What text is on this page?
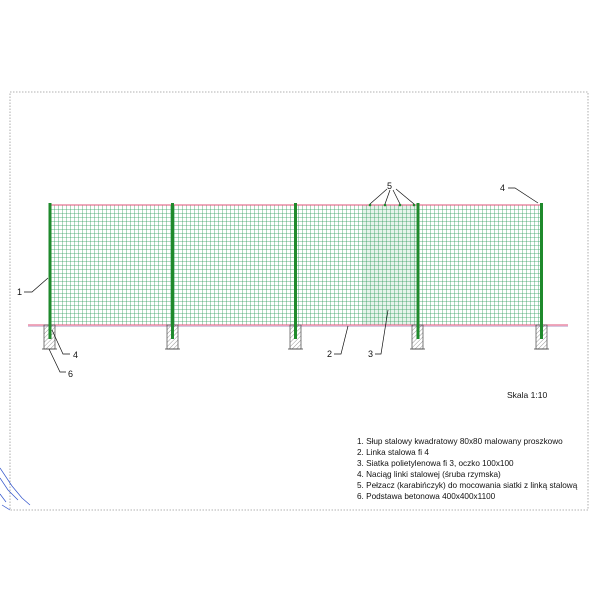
1
2	3
4
4
5
6
Skala 1:10
1. Słup stalowy kwadratowy 80x80 malowany proszkowo
2. Linka stalowa fi 4
3. Siatka polietylenowa fi 3, oczko 100x100
4. Naciąg linki stalowej (śruba rzymska)
5. Pełzacz (karabińczyk) do mocowania siatki z linką stalową
6. Podstawa betonowa 400x400x1100
